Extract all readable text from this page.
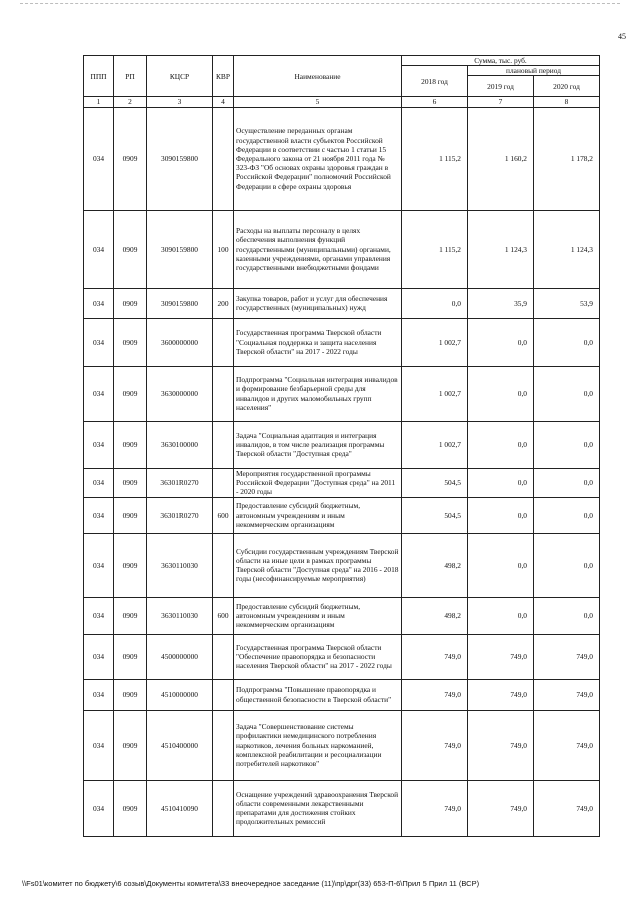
45
ППП	РП	КЦСР	КВР	Наименование	Сумма, тыс. руб.		
					2018 год	плановый период	
						2019 год	2020 год
1	2	3	4	5	6	7	8
034	0909	3090159800		Осуществление переданных органам государственной власти субъектов Российской Федерации в соответствии с частью 1 статьи 15 Федерального закона от 21 ноября 2011 года № 323-ФЗ "Об основах охраны здоровья граждан в Российской Федерации" полномочий Российской Федерации в сфере охраны здоровья	1 115,2	1 160,2	1 178,2
034	0909	3090159800	100	Расходы на выплаты персоналу в целях обеспечения выполнения функций государственными (муниципальными) органами, казенными учреждениями, органами управления государственными внебюджетными фондами	1 115,2	1 124,3	1 124,3
034	0909	3090159800	200	Закупка товаров, работ и услуг для обеспечения государственных (муниципальных) нужд	0,0	35,9	53,9
034	0909	3600000000		Государственная программа Тверской области "Социальная поддержка и защита населения Тверской области" на 2017 - 2022 годы	1 002,7	0,0	0,0
034	0909	3630000000		Подпрограмма "Социальная интеграция инвалидов и формирование безбарьерной среды для инвалидов и других маломобильных групп населения"	1 002,7	0,0	0,0
034	0909	3630100000		Задача "Социальная адаптация и интеграция инвалидов, в том числе реализация программы Тверской области "Доступная среда"	1 002,7	0,0	0,0
034	0909	36301R0270		Мероприятия государственной программы Российской Федерации "Доступная среда" на 2011 - 2020 годы	504,5	0,0	0,0
034	0909	36301R0270	600	Предоставление субсидий бюджетным, автономным учреждениям и иным некоммерческим организациям	504,5	0,0	0,0
034	0909	3630110030		Субсидии государственным учреждениям Тверской области на иные цели в рамках программы Тверской области "Доступная среда" на 2016 - 2018 годы (несофинансируемые мероприятия)	498,2	0,0	0,0
034	0909	3630110030	600	Предоставление субсидий бюджетным, автономным учреждениям и иным некоммерческим организациям	498,2	0,0	0,0
034	0909	4500000000		Государственная программа Тверской области "Обеспечение правопорядка и безопасности населения Тверской области" на 2017 - 2022 годы	749,0	749,0	749,0
034	0909	4510000000		Подпрограмма "Повышение правопорядка и общественной безопасности в Тверской области"	749,0	749,0	749,0
034	0909	4510400000		Задача "Совершенствование системы профилактики немедицинского потребления наркотиков, лечения больных наркоманией, комплексной реабилитации и ресоциализации потребителей наркотиков"	749,0	749,0	749,0
034	0909	4510410090		Оснащение учреждений здравоохранения Тверской области современными лекарственными препаратами для достижения стойких продолжительных ремиссий	749,0	749,0	749,0
\\Fs01\комитет по бюджету\6 созыв\Документы комитета\33 внеочередное заседание (11)\пр\дрг(33) 653-П-6\Прил 5 Прил 11 (ВСР)
